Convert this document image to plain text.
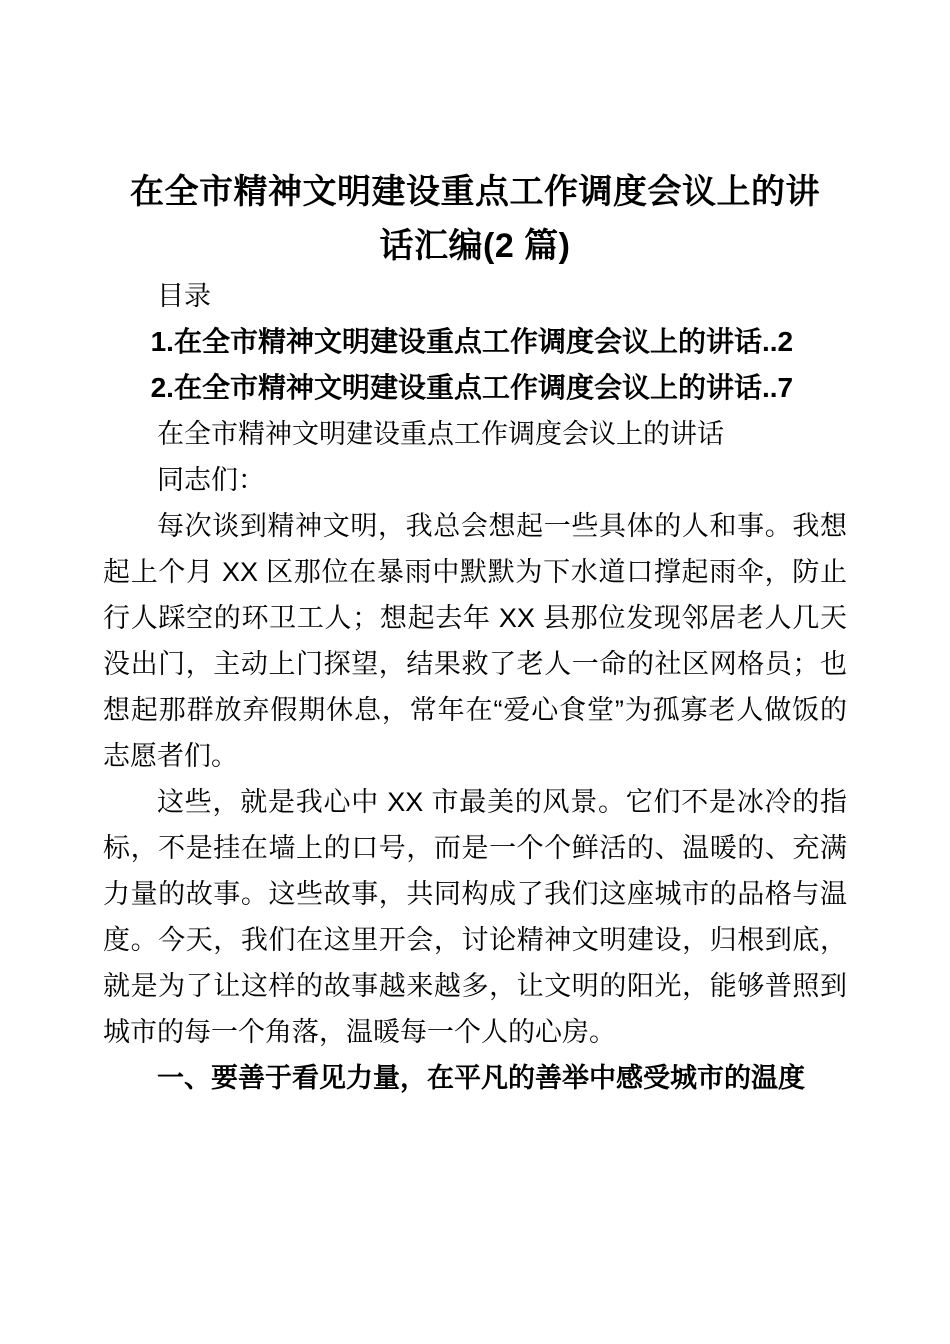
在全市精神文明建设重点工作调度会议上的讲话汇编(2 篇)

目录

1.在全市精神文明建设重点工作调度会议上的讲话..2

2.在全市精神文明建设重点工作调度会议上的讲话..7

在全市精神文明建设重点工作调度会议上的讲话

同志们：

每次谈到精神文明，我总会想起一些具体的人和事。我想起上个月 XX 区那位在暴雨中默默为下水道口撑起雨伞，防止行人踩空的环卫工人；想起去年 XX 县那位发现邻居老人几天没出门，主动上门探望，结果救了老人一命的社区网格员；也想起那群放弃假期休息，常年在“爱心食堂”为孤寡老人做饭的志愿者们。

这些，就是我心中 XX 市最美的风景。它们不是冰冷的指标，不是挂在墙上的口号，而是一个个鲜活的、温暖的、充满力量的故事。这些故事，共同构成了我们这座城市的品格与温度。今天，我们在这里开会，讨论精神文明建设，归根到底，就是为了让这样的故事越来越多，让文明的阳光，能够普照到城市的每一个角落，温暖每一个人的心房。

一、要善于看见力量，在平凡的善举中感受城市的温度
